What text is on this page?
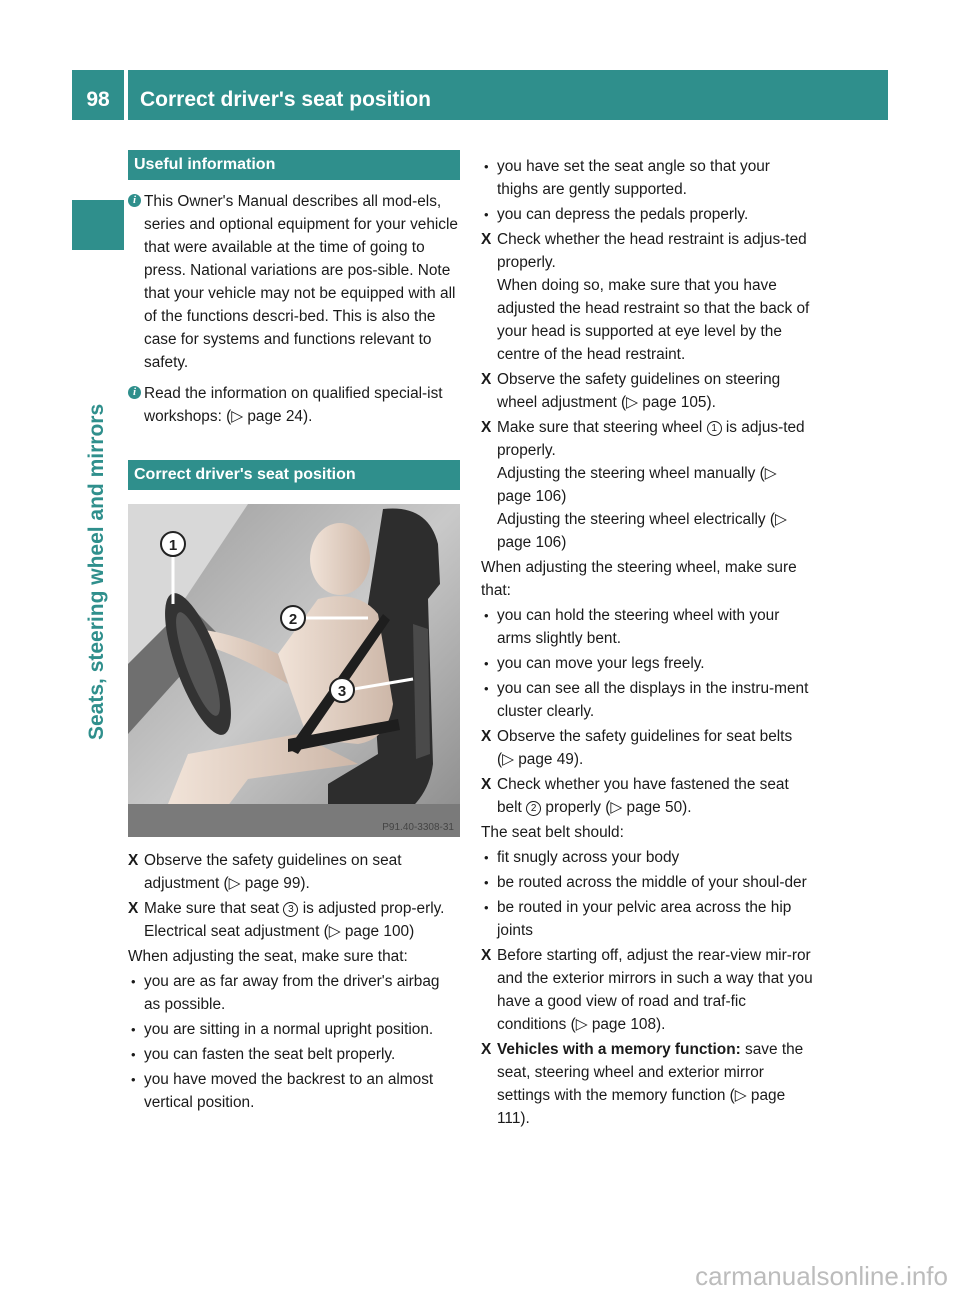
98 Correct driver's seat position
Seats, steering wheel and mirrors
Useful information
i This Owner's Manual describes all mod-els, series and optional equipment for your vehicle that were available at the time of going to press. National variations are pos-sible. Note that your vehicle may not be equipped with all of the functions descri-bed. This is also the case for systems and functions relevant to safety.
i Read the information on qualified special-ist workshops: (▷ page 24).
Correct driver's seat position
1
2
3
P91.40-3308-31
X Observe the safety guidelines on seat adjustment (▷ page 99).
X Make sure that seat 3 is adjusted prop-erly.
Electrical seat adjustment (▷ page 100)
When adjusting the seat, make sure that:
• you are as far away from the driver's airbag as possible.
• you are sitting in a normal upright position.
• you can fasten the seat belt properly.
• you have moved the backrest to an almost vertical position.
• you have set the seat angle so that your thighs are gently supported.
• you can depress the pedals properly.
X Check whether the head restraint is adjus-ted properly.
When doing so, make sure that you have adjusted the head restraint so that the back of your head is supported at eye level by the centre of the head restraint.
X Observe the safety guidelines on steering wheel adjustment (▷ page 105).
X Make sure that steering wheel 1 is adjus-ted properly.
Adjusting the steering wheel manually (▷ page 106)
Adjusting the steering wheel electrically (▷ page 106)
When adjusting the steering wheel, make sure that:
• you can hold the steering wheel with your arms slightly bent.
• you can move your legs freely.
• you can see all the displays in the instru-ment cluster clearly.
X Observe the safety guidelines for seat belts (▷ page 49).
X Check whether you have fastened the seat belt 2 properly (▷ page 50).
The seat belt should:
• fit snugly across your body
• be routed across the middle of your shoul-der
• be routed in your pelvic area across the hip joints
X Before starting off, adjust the rear-view mir-ror and the exterior mirrors in such a way that you have a good view of road and traf-fic conditions (▷ page 108).
X Vehicles with a memory function: save the seat, steering wheel and exterior mirror settings with the memory function (▷ page 111).
carmanualsonline.info
